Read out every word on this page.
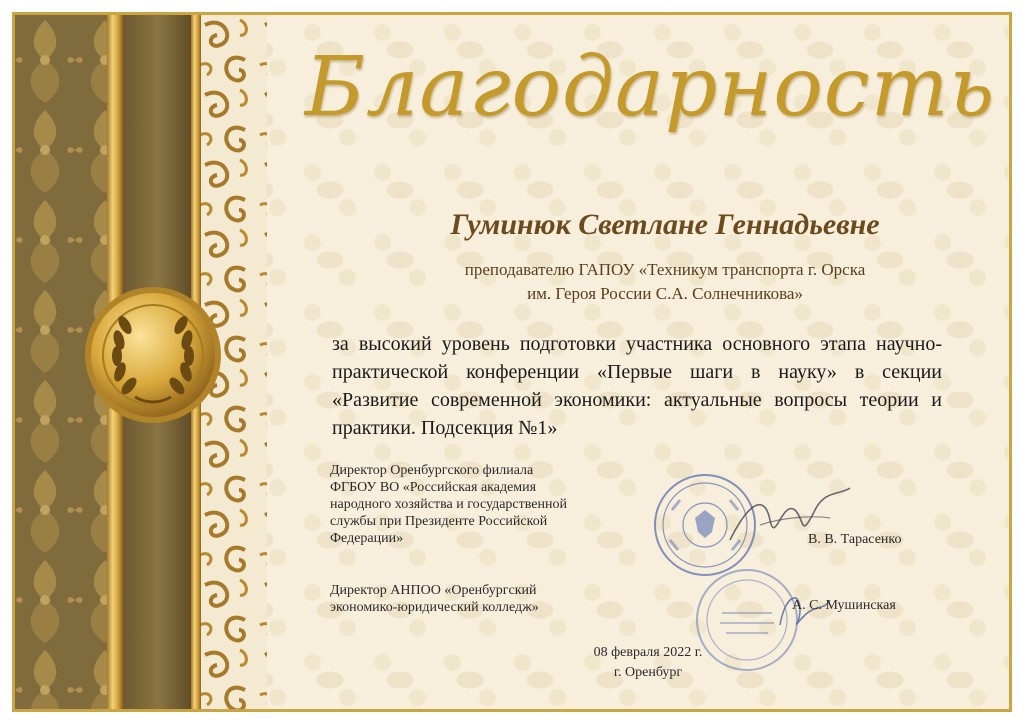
Благодарность
Гуминюк Светлане Геннадьевне
преподавателю ГАПОУ «Техникум транспорта г. Орска
им. Героя России С.А. Солнечникова»
за высокий уровень подготовки участника основного этапа научно-практической конференции «Первые шаги в науку» в секции «Развитие современной экономики: актуальные вопросы теории и практики. Подсекция №1»
Директор Оренбургского филиала
ФГБОУ ВО «Российская академия
народного хозяйства и государственной
службы при Президенте Российской
Федерации»
Директор АНПОО «Оренбургский
экономико-юридический колледж»
В. В. Тарасенко
А. С. Мушинская
08 февраля 2022 г.
г. Оренбург
